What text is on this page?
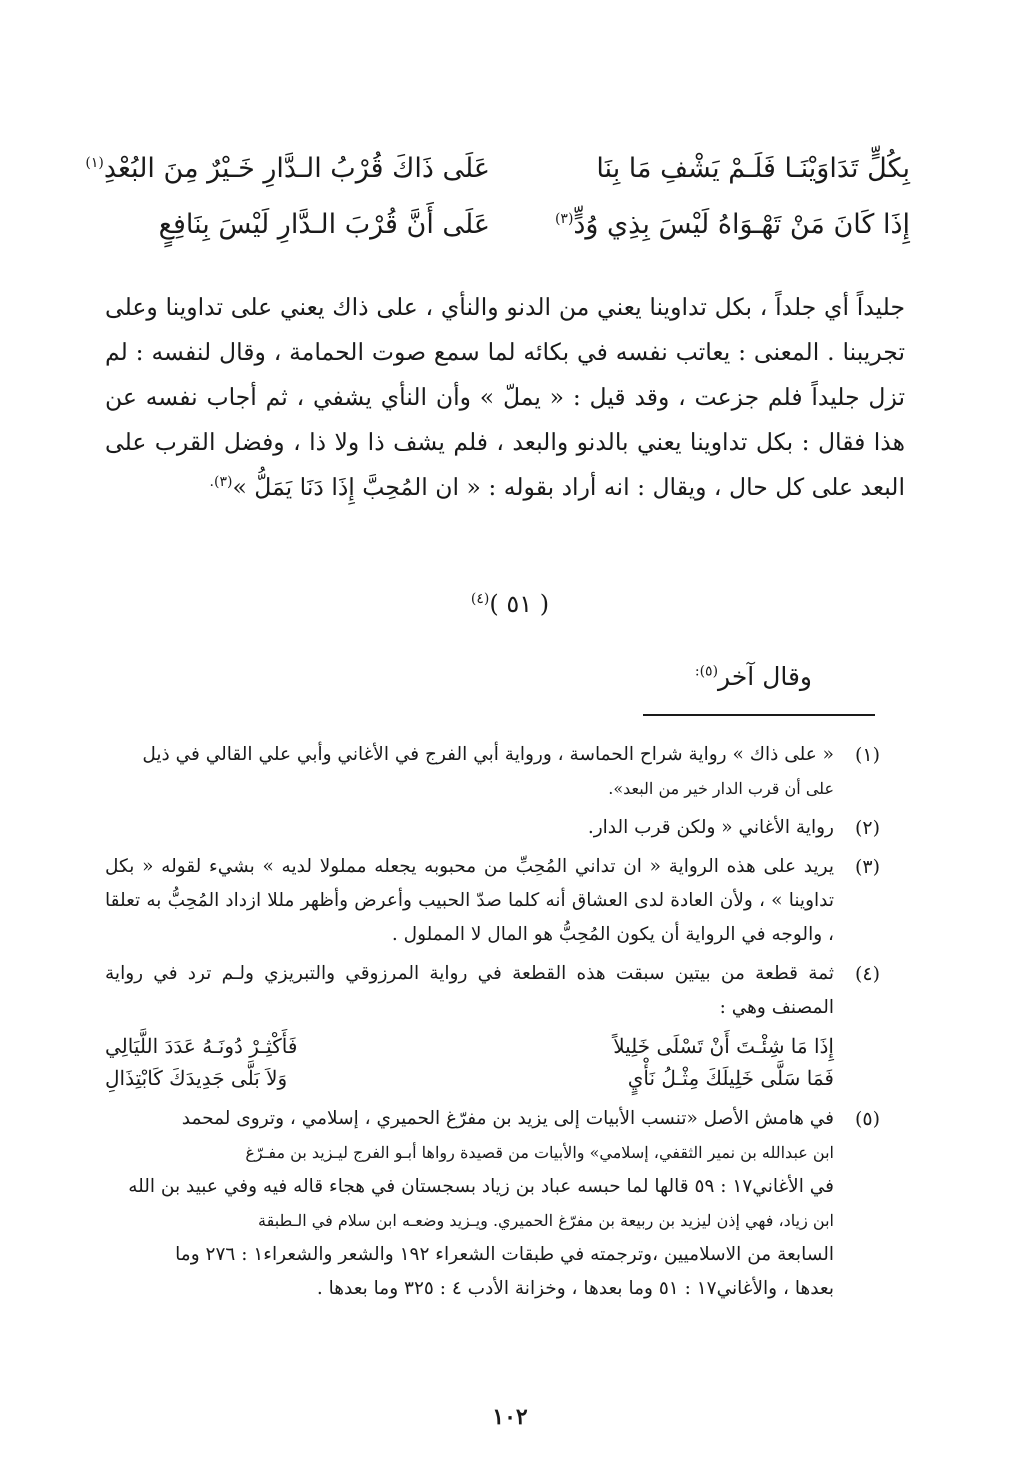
بِكُلٍّ تَدَاوَيْنَـا فَلَـمْ يَشْفِ مَا بِنَا
عَلَى ذَاكَ قُرْبُ الـدَّارِ خَـيْرٌ مِنَ البُعْدِ$^{(١)}$
إِذَا كَانَ مَنْ تَهْـوَاهُ لَيْسَ بِذِي وُدٍّ$^{(٣)}$
عَلَى أَنَّ قُرْبَ الـدَّارِ لَيْسَ بِنَافِعٍ

جليداً أي جلداً ، بكل تداوينا يعني من الدنو والنأي ، على ذاك يعني على تداوينا وعلى تجريبنا . المعنى : يعاتب نفسه في بكائه لما سمع صوت الحمامة ، وقال لنفسه : لم تزل جليداً فلم جزعت ، وقد قيل : « يملّ » وأن النأي يشفي ، ثم أجاب نفسه عن هذا فقال : بكل تداوينا يعني بالدنو والبعد ، فلم يشف ذا ولا ذا ، وفضل القرب على البعد على كل حال ، ويقال : انه أراد بقوله : « ان المُحِبَّ إِذَا دَنَا يَمَلُّ »$^{(٣).}$

( ٥١ )$^{(٤)}$
وقال آخر$^{(٥):}$
(١)
« على ذاك » رواية شراح الحماسة ، ورواية أبي الفرج في الأغاني وأبي علي القالي في ذيل
على أن قرب الدار خير من البعد».
(٢)
رواية الأغاني « ولكن قرب الدار.
(٣)
يريد على هذه الرواية « ان تداني المُحِبِّ من محبوبه يجعله مملولا لديه » بشيء لقوله « بكل تداوينا » ، ولأن العادة لدى العشاق أنه كلما صدّ الحبيب وأعرض وأظهر مللا ازداد المُحِبُّ به تعلقا ، والوجه في الرواية أن يكون المُحِبُّ هو المال لا المملول .
(٤)
ثمة قطعة من بيتين سبقت هذه القطعة في رواية المرزوقي والتبريزي ولـم ترد في رواية المصنف وهي :
إِذَا مَا شِئْـتَ أَنْ تَسْلَى خَلِيلاً
فَأَكْثِـرْ دُونَـهُ عَدَدَ اللَّيَالِي
فَمَا سَلَّى خَلِيلَكَ مِثْـلُ نَأْيٍ
وَلاَ بَلَّى جَدِيدَكَ كَابْتِذَالِ
(٥)
في هامش الأصل «تنسب الأبيات إلى يزيد بن مفرّغ الحميري ، إسلامي ، وتروى لمحمد
ابن عبدالله بن نمير الثقفي، إسلامي» والأبيات من قصيدة رواها أبـو الفرج ليـزيد بن مفـرّغ
في الأغاني١٧ : ٥٩ قالها لما حبسه عباد بن زياد بسجستان في هجاء قاله فيه وفي عبيد بن الله
ابن زياد، فهي إذن ليزيد بن ربيعة بن مفرّغ الحميري. ويـزيد وضعـه ابن سلام في الـطبقة
السابعة من الاسلاميين ،وترجمته في طبقات الشعراء ١٩٢ والشعر والشعراء١ : ٢٧٦ وما
بعدها ، والأغاني١٧ : ٥١ وما بعدها ، وخزانة الأدب ٤ : ٣٢٥ وما بعدها .
١٠٢
